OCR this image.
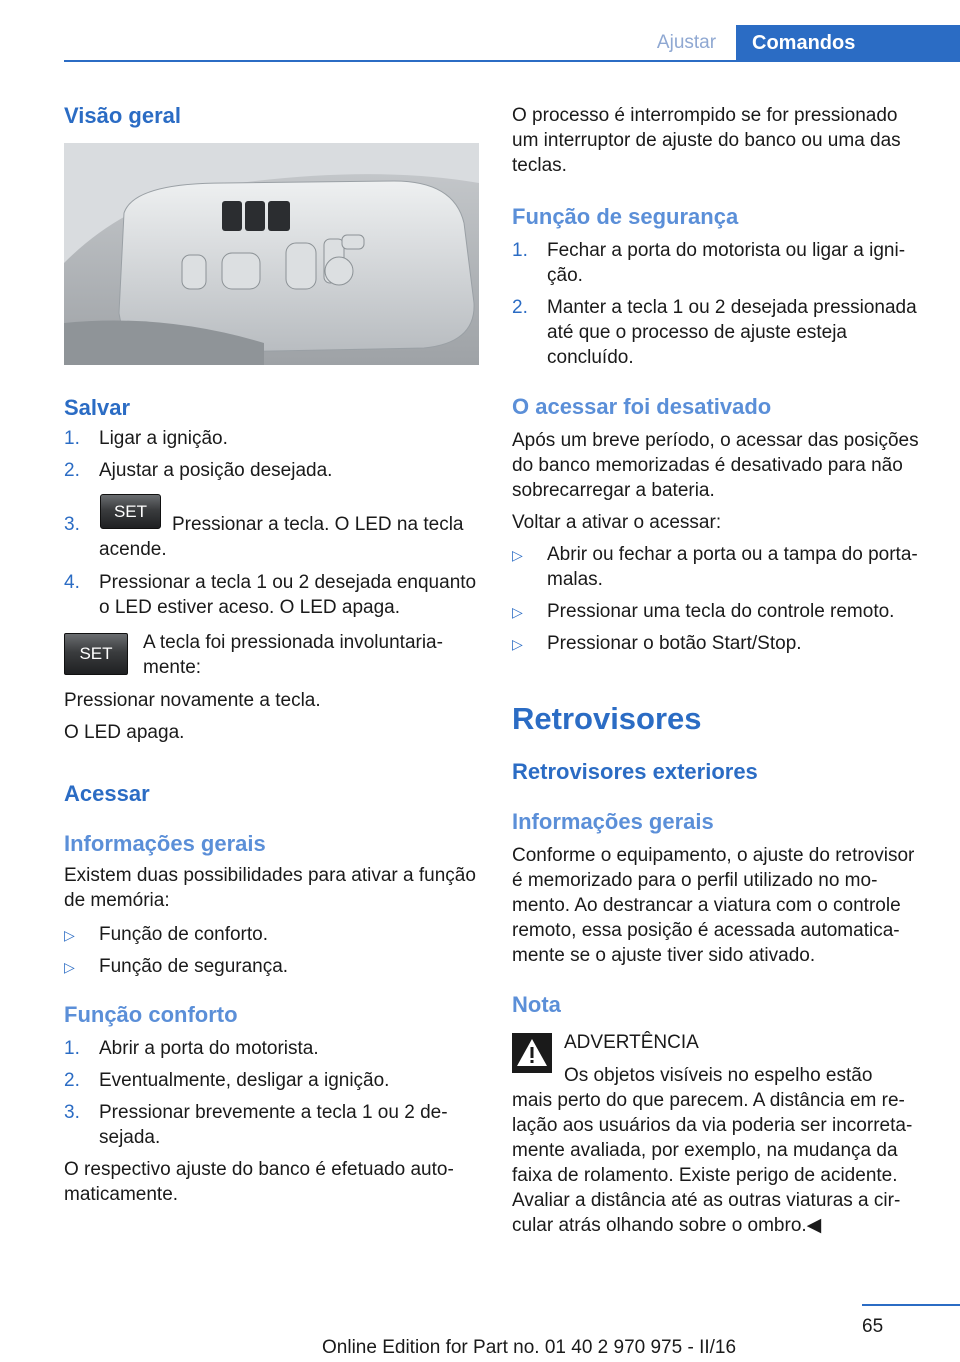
Ajustar	Comandos
Visão geral
Salvar
1. Ligar a ignição.
2. Ajustar a posição desejada.
3.
SET
Pressionar a tecla. O LED na tecla
acende.
4. Pressionar a tecla 1 ou 2 desejada enquanto o LED estiver aceso. O LED apaga.
SET
A tecla foi pressionada involuntariamente:
Pressionar novamente a tecla.
O LED apaga.
Acessar
Informações gerais
Existem duas possibilidades para ativar a função de memória:
▷ Função de conforto.
▷ Função de segurança.
Função conforto
1. Abrir a porta do motorista.
2. Eventualmente, desligar a ignição.
3. Pressionar brevemente a tecla 1 ou 2 desejada.
O respectivo ajuste do banco é efetuado automaticamente.
O processo é interrompido se for pressionado um interruptor de ajuste do banco ou uma das teclas.
Função de segurança
1. Fechar a porta do motorista ou ligar a ignição.
2. Manter a tecla 1 ou 2 desejada pressionada até que o processo de ajuste esteja concluído.
O acessar foi desativado
Após um breve período, o acessar das posições do banco memorizadas é desativado para não sobrecarregar a bateria.
Voltar a ativar o acessar:
▷ Abrir ou fechar a porta ou a tampa do porta-malas.
▷ Pressionar uma tecla do controle remoto.
▷ Pressionar o botão Start/Stop.
Retrovisores
Retrovisores exteriores
Informações gerais
Conforme o equipamento, o ajuste do retrovisor é memorizado para o perfil utilizado no momento. Ao destrancar a viatura com o controle remoto, essa posição é acessada automaticamente se o ajuste tiver sido ativado.
Nota
ADVERTÊNCIA
Os objetos visíveis no espelho estão
mais perto do que parecem. A distância em relação aos usuários da via poderia ser incorretamente avaliada, por exemplo, na mudança da faixa de rolamento. Existe perigo de acidente. Avaliar a distância até as outras viaturas a circular atrás olhando sobre o ombro.◀
65
Online Edition for Part no. 01 40 2 970 975 - II/16
